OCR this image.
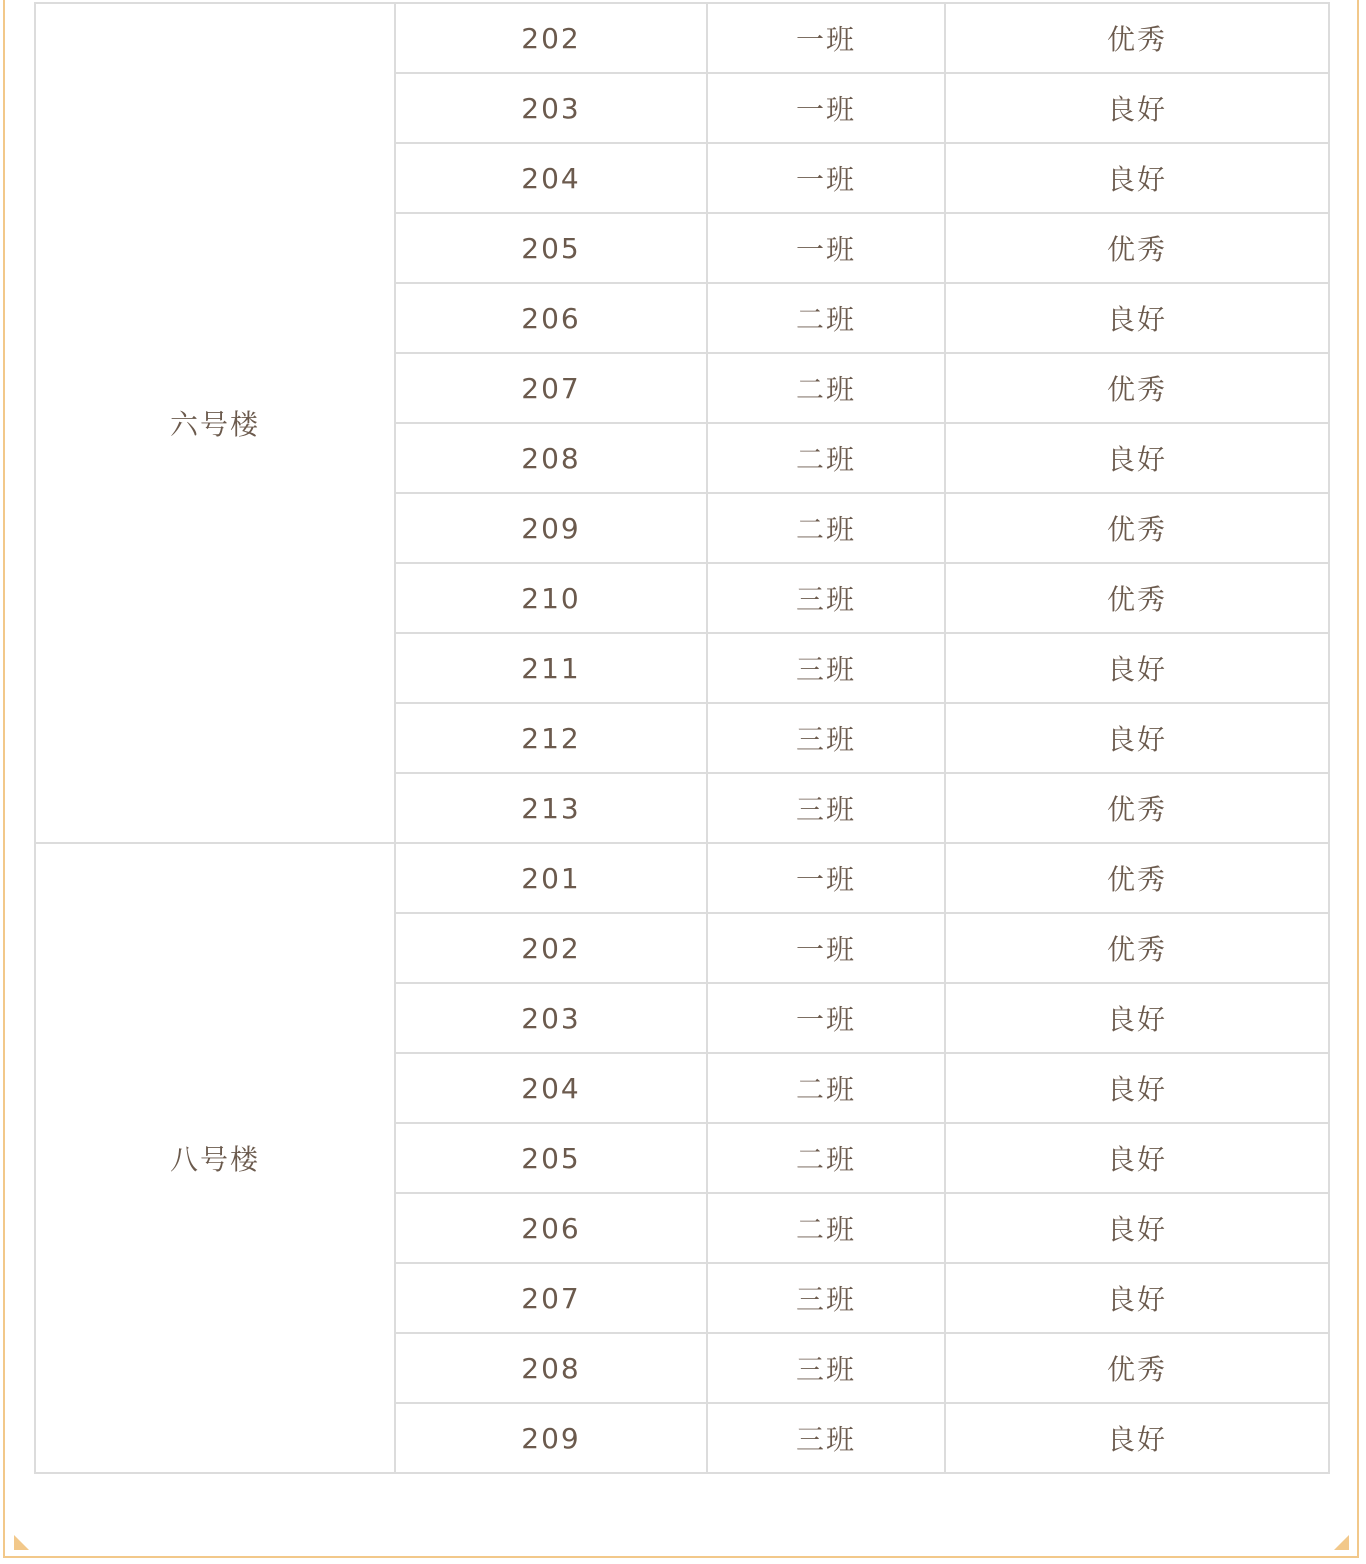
六号楼	202	一班	优秀
	203	一班	良好
	204	一班	良好
	205	一班	优秀
	206	二班	良好
	207	二班	优秀
	208	二班	良好
	209	二班	优秀
	210	三班	优秀
	211	三班	良好
	212	三班	良好
	213	三班	优秀
八号楼	201	一班	优秀
	202	一班	优秀
	203	一班	良好
	204	二班	良好
	205	二班	良好
	206	二班	良好
	207	三班	良好
	208	三班	优秀
	209	三班	良好
